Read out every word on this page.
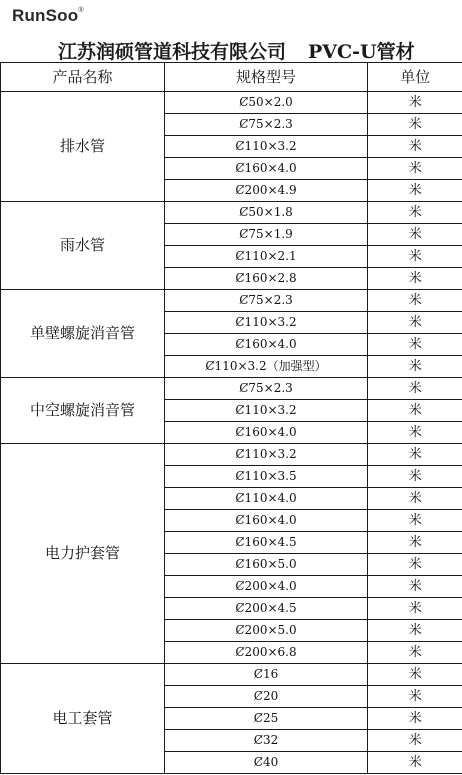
RunSoo®
江苏润硕管道科技有限公司 PVC-U管材
产品名称	规格型号	单位
排水管	Ȼ50×2.0	米
	Ȼ75×2.3	米
	Ȼ110×3.2	米
	Ȼ160×4.0	米
	Ȼ200×4.9	米
雨水管	Ȼ50×1.8	米
	Ȼ75×1.9	米
	Ȼ110×2.1	米
	Ȼ160×2.8	米
单壁螺旋消音管	Ȼ75×2.3	米
	Ȼ110×3.2	米
	Ȼ160×4.0	米
	Ȼ110×3.2（加强型）	米
中空螺旋消音管	Ȼ75×2.3	米
	Ȼ110×3.2	米
	Ȼ160×4.0	米
电力护套管	Ȼ110×3.2	米
	Ȼ110×3.5	米
	Ȼ110×4.0	米
	Ȼ160×4.0	米
	Ȼ160×4.5	米
	Ȼ160×5.0	米
	Ȼ200×4.0	米
	Ȼ200×4.5	米
	Ȼ200×5.0	米
	Ȼ200×6.8	米
电工套管	Ȼ16	米
	Ȼ20	米
	Ȼ25	米
	Ȼ32	米
	Ȼ40	米
